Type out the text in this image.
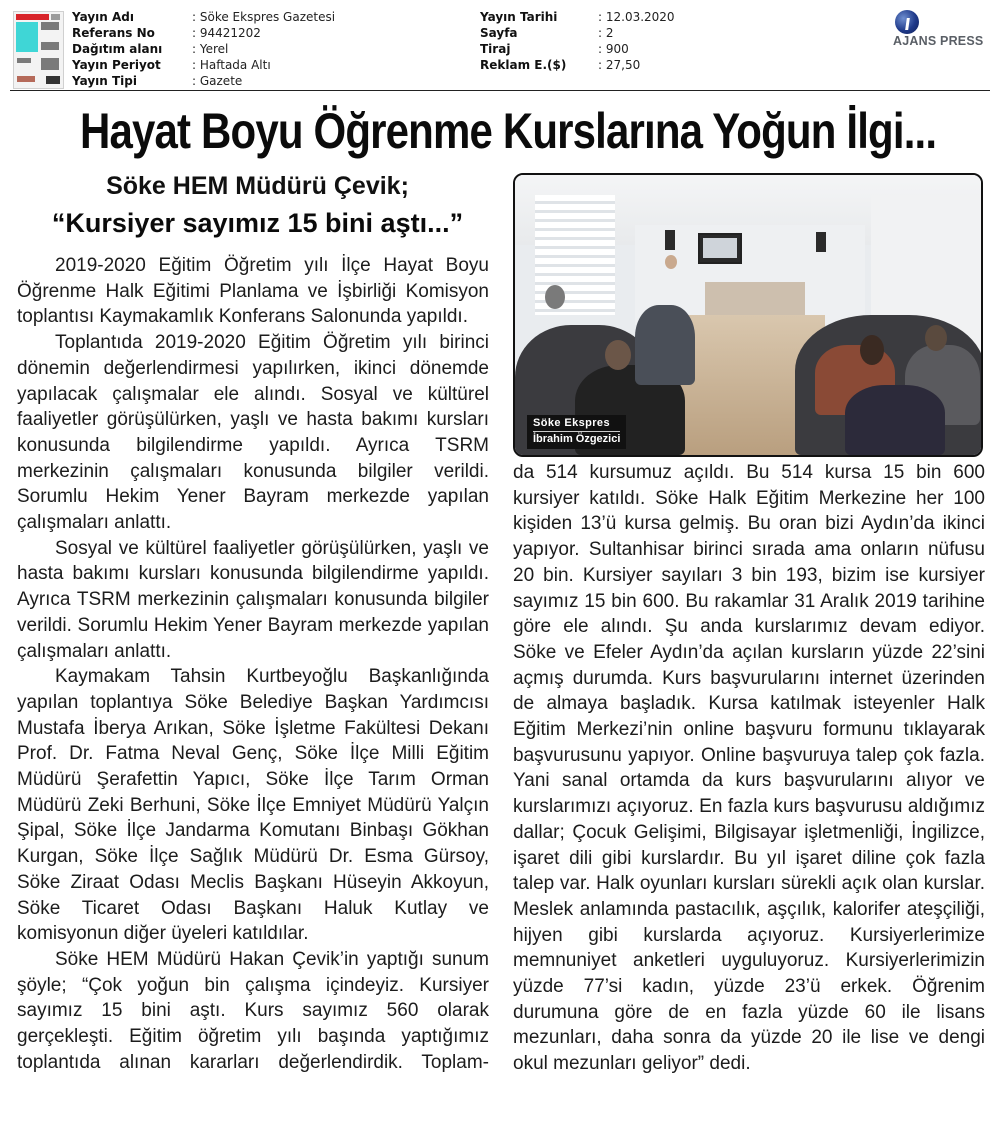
Yayın Adı	: Söke Ekspres Gazetesi
Referans No	: 94421202
Dağıtım alanı	: Yerel
Yayın Periyot	: Haftada Altı
Yayın Tipi	: Gazete
Yayın Tarihi	: 12.03.2020
Sayfa	: 2
Tiraj	: 900
Reklam E.($)	: 27,50
AJANS PRESS
Hayat Boyu Öğrenme Kurslarına Yoğun İlgi...
Söke HEM Müdürü Çevik;
“Kursiyer sayımız 15 bini aştı...”
Söke Ekspres
İbrahim Özgezici

2019-2020 Eğitim Öğretim yılı İlçe Hayat Boyu Öğrenme Halk Eğitimi Planlama ve İşbirliği Komisyon toplantısı Kaymakamlık Konferans Salonunda yapıldı.

Toplantıda 2019-2020 Eğitim Öğretim yılı birinci dönemin değerlendirmesi yapılırken, ikinci dönemde yapılacak çalışmalar ele alındı. Sosyal ve kültürel faaliyetler görüşülürken, yaşlı ve hasta bakımı kursları konusunda bilgilendirme yapıldı. Ayrıca TSRM merkezinin çalışmaları konusunda bilgiler verildi. Sorumlu Hekim Yener Bayram merkezde yapılan çalışmaları anlattı.

Sosyal ve kültürel faaliyetler görüşülürken, yaşlı ve hasta bakımı kursları konusunda bilgilendirme yapıldı. Ayrıca TSRM merkezinin çalışmaları konusunda bilgiler verildi. Sorumlu Hekim Yener Bayram merkezde yapılan çalışmaları anlattı.

Kaymakam Tahsin Kurtbeyoğlu Başkanlığında yapılan toplantıya Söke Belediye Başkan Yardımcısı Mustafa İberya Arıkan, Söke İşletme Fakültesi Dekanı Prof. Dr. Fatma Neval Genç, Söke İlçe Milli Eğitim Müdürü Şerafettin Yapıcı, Söke İlçe Tarım Orman Müdürü Zeki Berhuni, Söke İlçe Emniyet Müdürü Yalçın Şipal, Söke İlçe Jandarma Komutanı Binbaşı Gökhan Kurgan, Söke İlçe Sağlık Müdürü Dr. Esma Gürsoy, Söke Ziraat Odası Meclis Başkanı Hüseyin Akkoyun, Söke Ticaret Odası Başkanı Haluk Kutlay ve komisyonun diğer üyeleri katıldılar.

Söke HEM Müdürü Hakan Çevik’in yaptığı sunum şöyle; “Çok yoğun bin çalışma içindeyiz. Kursiyer sayımız 15 bini aştı. Kurs sayımız 560 olarak gerçekleşti. Eğitim öğretim yılı başında yaptığımız toplantıda alınan kararları değerlendirdik. Toplam-

da 514 kursumuz açıldı. Bu 514 kursa 15 bin 600 kursiyer katıldı. Söke Halk Eğitim Merkezine her 100 kişiden 13’ü kursa gelmiş. Bu oran bizi Aydın’da ikinci yapıyor. Sultanhisar birinci sırada ama onların nüfusu 20 bin. Kursiyer sayıları 3 bin 193, bizim ise kursiyer sayımız 15 bin 600. Bu rakamlar 31 Aralık 2019 tarihine göre ele alındı. Şu anda kurslarımız devam ediyor. Söke ve Efeler Aydın’da açılan kursların yüzde 22’sini açmış durumda. Kurs başvurularını internet üzerinden de almaya başladık. Kursa katılmak isteyenler Halk Eğitim Merkezi’nin online başvuru formunu tıklayarak başvurusunu yapıyor. Online başvuruya talep çok fazla. Yani sanal ortamda da kurs başvurularını alıyor ve kurslarımızı açıyoruz. En fazla kurs başvurusu aldığımız dallar; Çocuk Gelişimi, Bilgisayar işletmenliği, İngilizce, işaret dili gibi kurslardır. Bu yıl işaret diline çok fazla talep var. Halk oyunları kursları sürekli açık olan kurslar. Meslek anlamında pastacılık, aşçılık, kalorifer ateşçiliği, hijyen gibi kurslarda açıyoruz. Kursiyerlerimize memnuniyet anketleri uyguluyoruz. Kursiyerlerimizin yüzde 77’si kadın, yüzde 23’ü erkek. Öğrenim durumuna göre de en fazla yüzde 60 ile lisans mezunları, daha sonra da yüzde 20 ile lise ve dengi okul mezunları geliyor” dedi.
